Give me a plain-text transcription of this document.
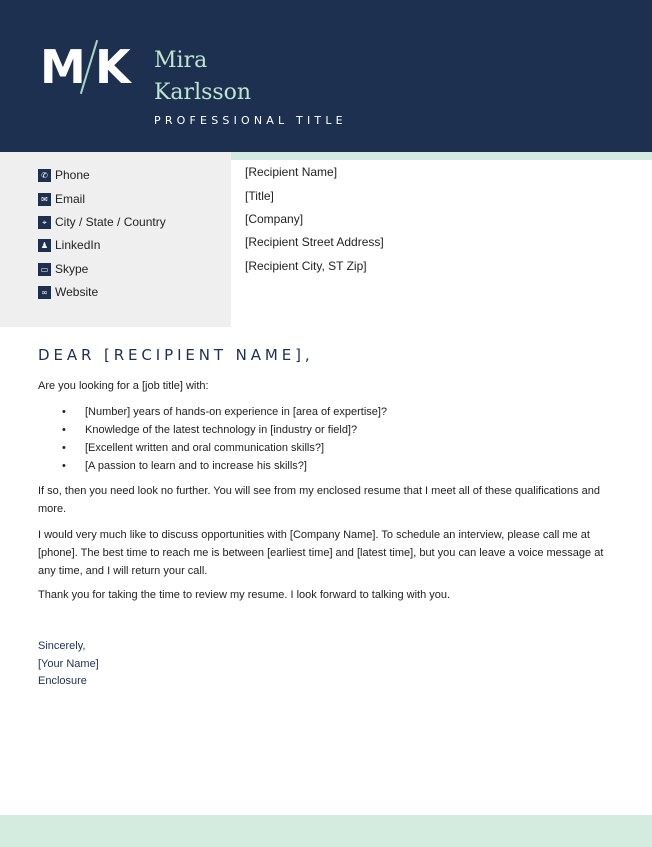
M K Mira
Karlsson
PROFESSIONAL TITLE
✆ Phone
✉ Email
⌖ City / State / Country
♟ LinkedIn
▭ Skype
∞ Website
[Recipient Name]
[Title]
[Company]
[Recipient Street Address]
[Recipient City, ST Zip]
DEAR [RECIPIENT NAME],
Are you looking for a [job title] with:
• [Number] years of hands-on experience in [area of expertise]?
• Knowledge of the latest technology in [industry or field]?
• [Excellent written and oral communication skills?]
• [A passion to learn and to increase his skills?]
If so, then you need look no further. You will see from my enclosed resume that I meet all of these qualifications and more.
I would very much like to discuss opportunities with [Company Name]. To schedule an interview, please call me at [phone]. The best time to reach me is between [earliest time] and [latest time], but you can leave a voice message at any time, and I will return your call.
Thank you for taking the time to review my resume. I look forward to talking with you.
Sincerely,
[Your Name]
Enclosure
